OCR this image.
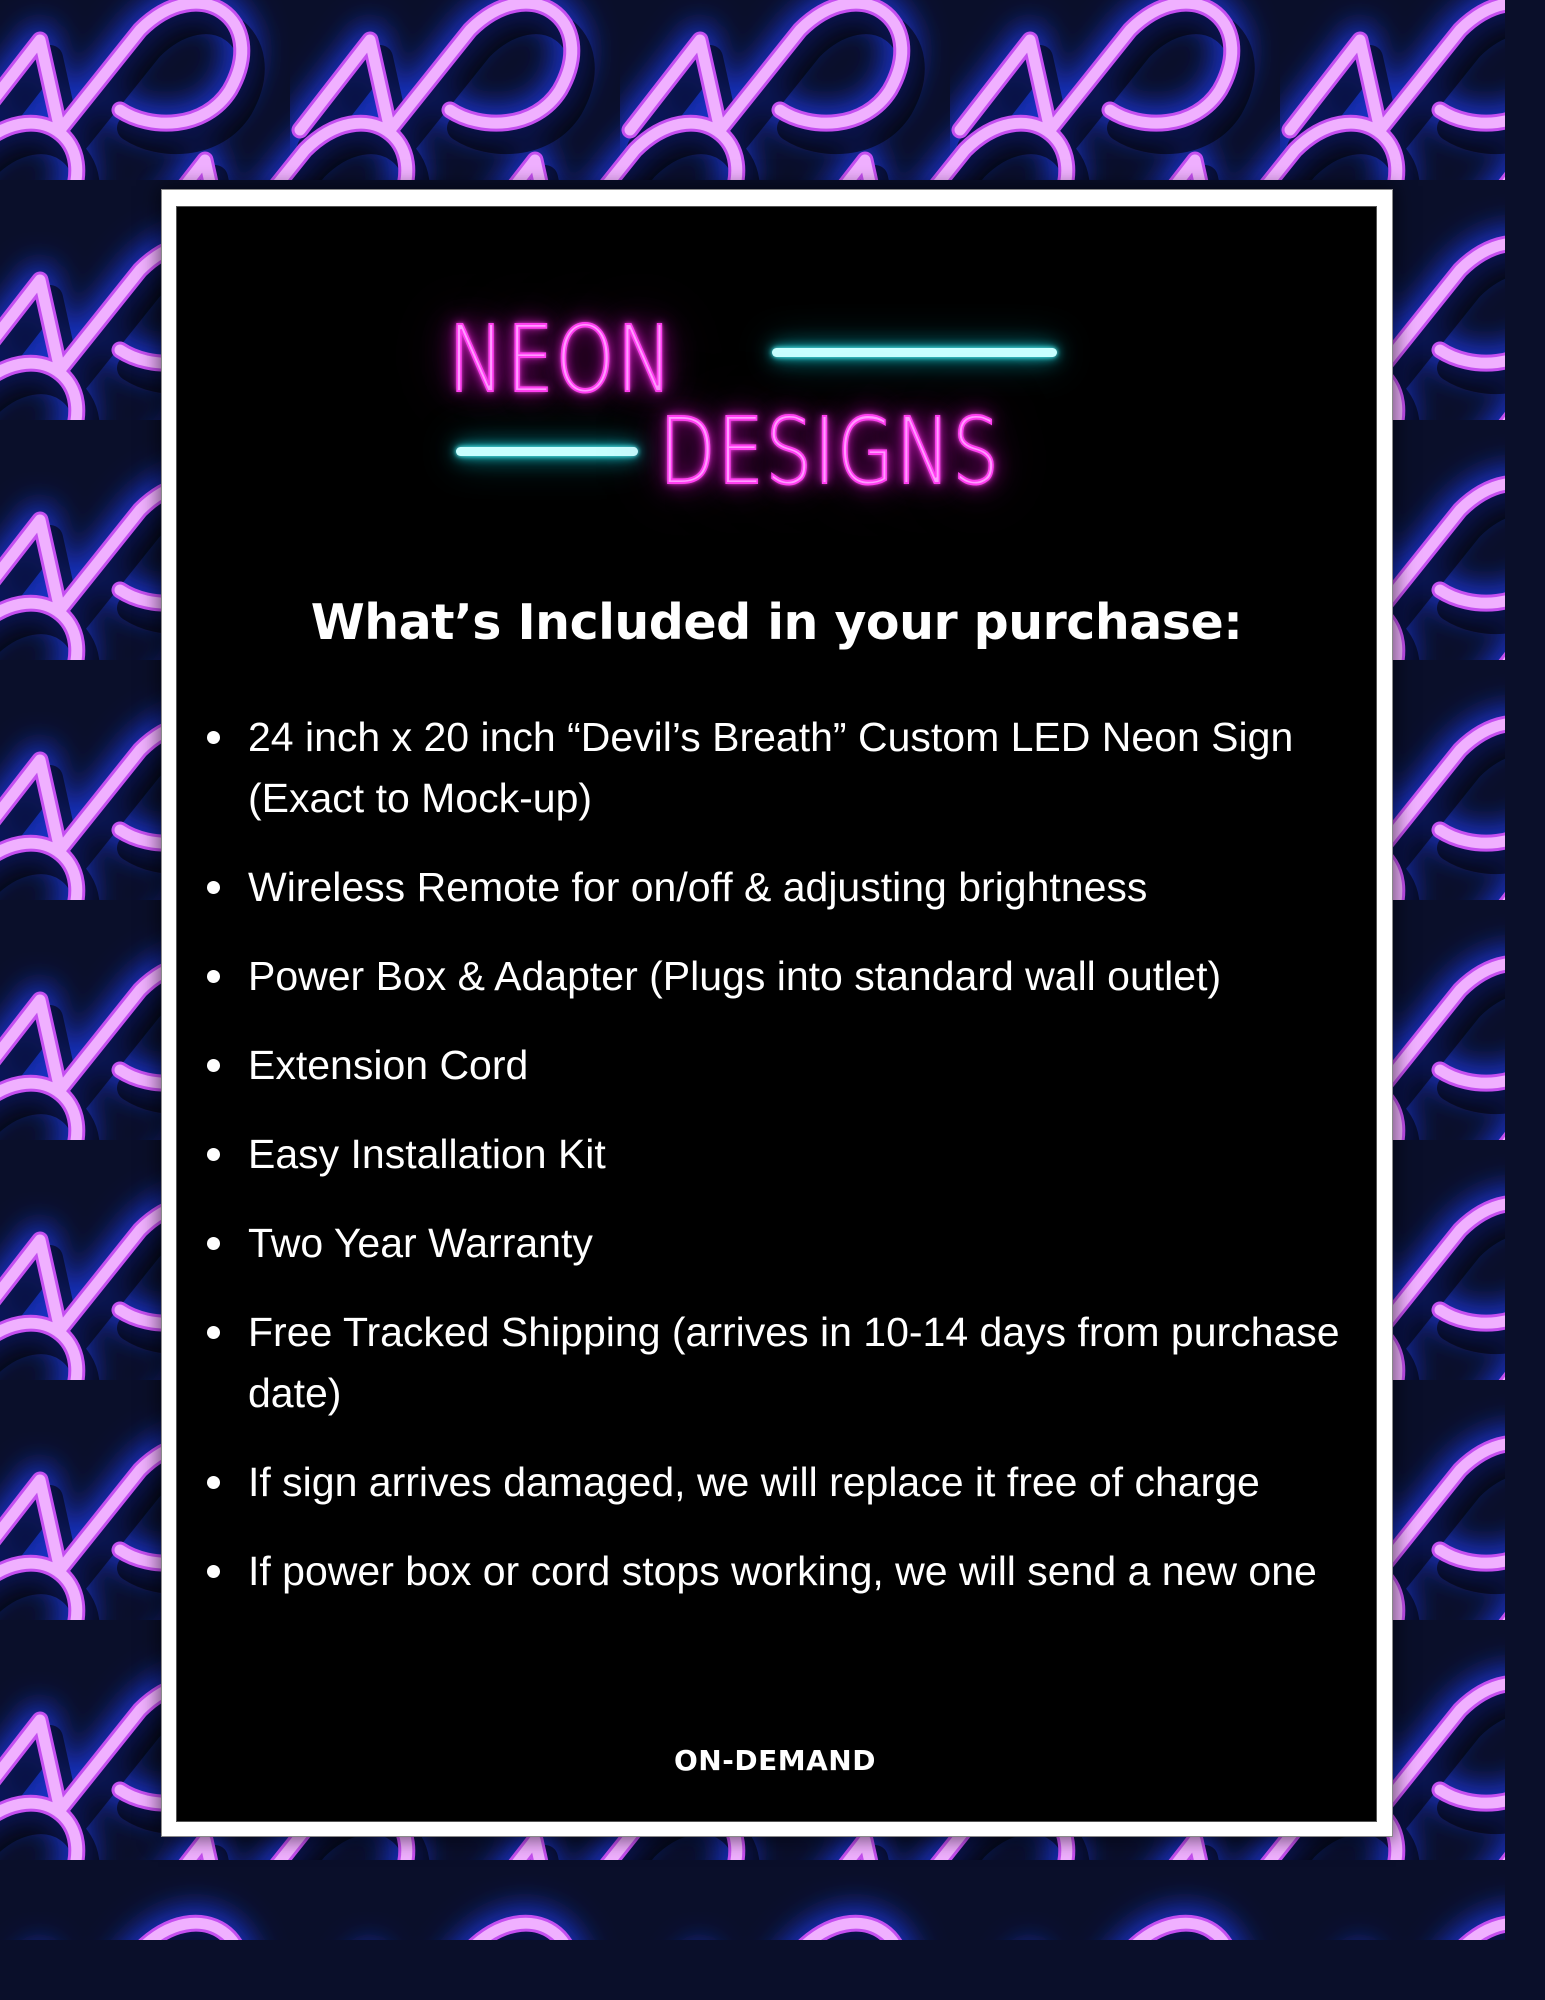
NEON
DESIGNS
What’s Included in your purchase:
24 inch x 20 inch “Devil’s Breath” Custom LED Neon Sign (Exact to Mock-up)
Wireless Remote for on/off & adjusting brightness
Power Box & Adapter (Plugs into standard wall outlet)
Extension Cord
Easy Installation Kit
Two Year Warranty
Free Tracked Shipping (arrives in 10-14 days from purchase date)
If sign arrives damaged, we will replace it free of charge
If power box or cord stops working, we will send a new one
ON-DEMAND
